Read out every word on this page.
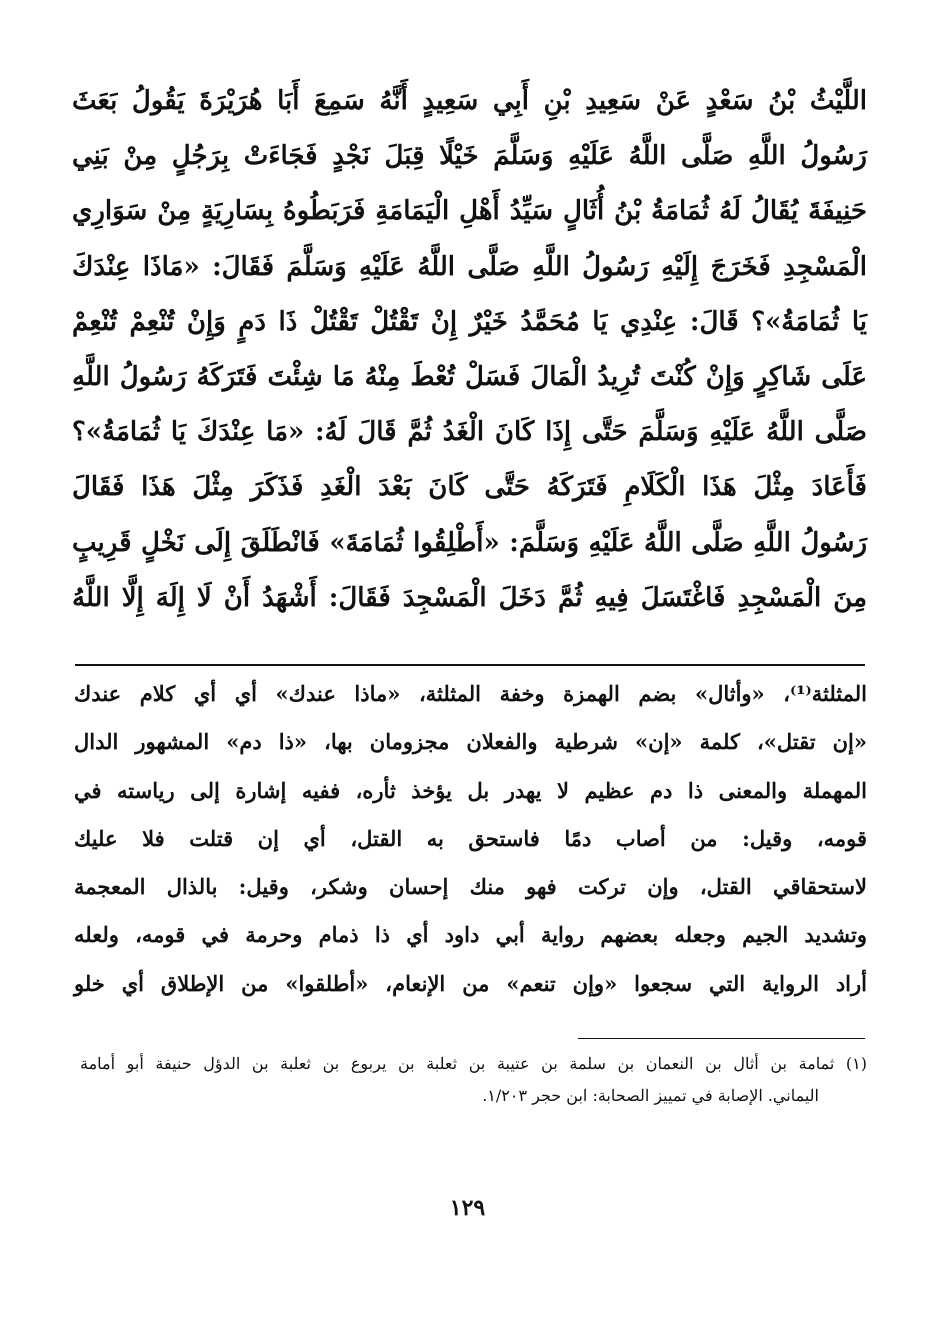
اللَّيْثُ بْنُ سَعْدٍ عَنْ سَعِيدِ بْنِ أَبِي سَعِيدٍ أَنَّهُ سَمِعَ أَبَا هُرَيْرَةَ يَقُولُ بَعَثَ
رَسُولُ اللَّهِ صَلَّى اللَّهُ عَلَيْهِ وَسَلَّمَ خَيْلًا قِبَلَ نَجْدٍ فَجَاءَتْ بِرَجُلٍ مِنْ بَنِي
حَنِيفَةَ يُقَالُ لَهُ ثُمَامَةُ بْنُ أُثَالٍ سَيِّدُ أَهْلِ الْيَمَامَةِ فَرَبَطُوهُ بِسَارِيَةٍ مِنْ سَوَارِي
الْمَسْجِدِ فَخَرَجَ إِلَيْهِ رَسُولُ اللَّهِ صَلَّى اللَّهُ عَلَيْهِ وَسَلَّمَ فَقَالَ: «مَاذَا عِنْدَكَ
يَا ثُمَامَةُ»؟ قَالَ: عِنْدِي يَا مُحَمَّدُ خَيْرٌ إِنْ تَقْتُلْ تَقْتُلْ ذَا دَمٍ وَإِنْ تُنْعِمْ تُنْعِمْ
عَلَى شَاكِرٍ وَإِنْ كُنْتَ تُرِيدُ الْمَالَ فَسَلْ تُعْطَ مِنْهُ مَا شِئْتَ فَتَرَكَهُ رَسُولُ اللَّهِ
صَلَّى اللَّهُ عَلَيْهِ وَسَلَّمَ حَتَّى إِذَا كَانَ الْغَدُ ثُمَّ قَالَ لَهُ: «مَا عِنْدَكَ يَا ثُمَامَةُ»؟
فَأَعَادَ مِثْلَ هَذَا الْكَلَامِ فَتَرَكَهُ حَتَّى كَانَ بَعْدَ الْغَدِ فَذَكَرَ مِثْلَ هَذَا فَقَالَ
رَسُولُ اللَّهِ صَلَّى اللَّهُ عَلَيْهِ وَسَلَّمَ: «أَطْلِقُوا ثُمَامَةَ» فَانْطَلَقَ إِلَى نَخْلٍ قَرِيبٍ
مِنَ الْمَسْجِدِ فَاغْتَسَلَ فِيهِ ثُمَّ دَخَلَ الْمَسْجِدَ فَقَالَ: أَشْهَدُ أَنْ لَا إِلَهَ إِلَّا اللَّهُ
المثلثة⁽¹⁾، «وأثال» بضم الهمزة وخفة المثلثة، «ماذا عندك» أي أي كلام عندك
«إن تقتل»، كلمة «إن» شرطية والفعلان مجزومان بها، «ذا دم» المشهور الدال
المهملة والمعنى ذا دم عظيم لا يهدر بل يؤخذ ثأره، ففيه إشارة إلى رياسته في
قومه، وقيل: من أصاب دمًا فاستحق به القتل، أي إن قتلت فلا عليك
لاستحقاقي القتل، وإن تركت فهو منك إحسان وشكر، وقيل: بالذال المعجمة
وتشديد الجيم وجعله بعضهم رواية أبي داود أي ذا ذمام وحرمة في قومه، ولعله
أراد الرواية التي سجعوا «وإن تنعم» من الإنعام، «أطلقوا» من الإطلاق أي خلو
(١) ثمامة بن أثال بن النعمان بن سلمة بن عتيبة بن ثعلبة بن يربوع بن ثعلبة بن الدؤل حنيفة أبو أمامة
اليماني. الإصابة في تمييز الصحابة: ابن حجر ١/٢٠٣.
١٢٩
